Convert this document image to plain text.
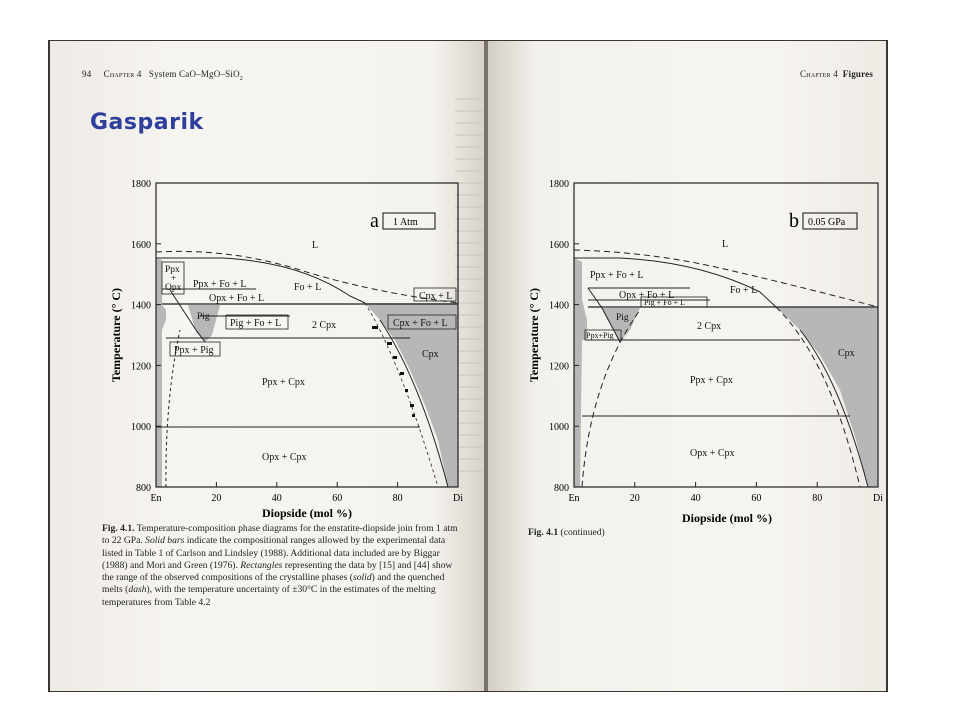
94 Chapter 4 System CaO–MgO–SiO$_2$	Chapter 4 Figures
Gasparik
800
1000
1200
1400
1600
1800
En	20	40	60	80	Di
L
Ppx
+
Opx Ppx + Fo + L	Fo + L
Opx + Fo + L
Pig
Pig + Fo + L	2 Cpx
Cpx + L
Cpx + Fo + L
Cpx
Ppx + Pig
Ppx + Cpx
Opx + Cpx
a 1 Atm
Diopside (mol %)
Temperature (° C)
800
1000
1200
1400
1600
1800
En	20	40	60	80	Di
L
Ppx + Fo + L
Fo + L
Opx + Fo + L
Pig + Fo + L
Pig
2 Cpx
Cpx
Ppx+Pig
Ppx + Cpx
Opx + Cpx
b 0.05 GPa
Diopside (mol %)
Temperature (° C)
Fig. 4.1. Temperature-composition phase diagrams for the enstatite-diopside join from 1 atm to 22 GPa. Solid bars indicate the compositional ranges allowed by the experimental data listed in Table 1 of Carlson and Lindsley (1988). Additional data included are by Biggar (1988) and Mori and Green (1976). Rectangles representing the data by [15] and [44] show the range of the observed compositions of the crystalline phases (solid) and the quenched melts (dash), with the temperature uncertainty of ±30°C in the estimates of the melting temperatures from Table 4.2
Fig. 4.1 (continued)
